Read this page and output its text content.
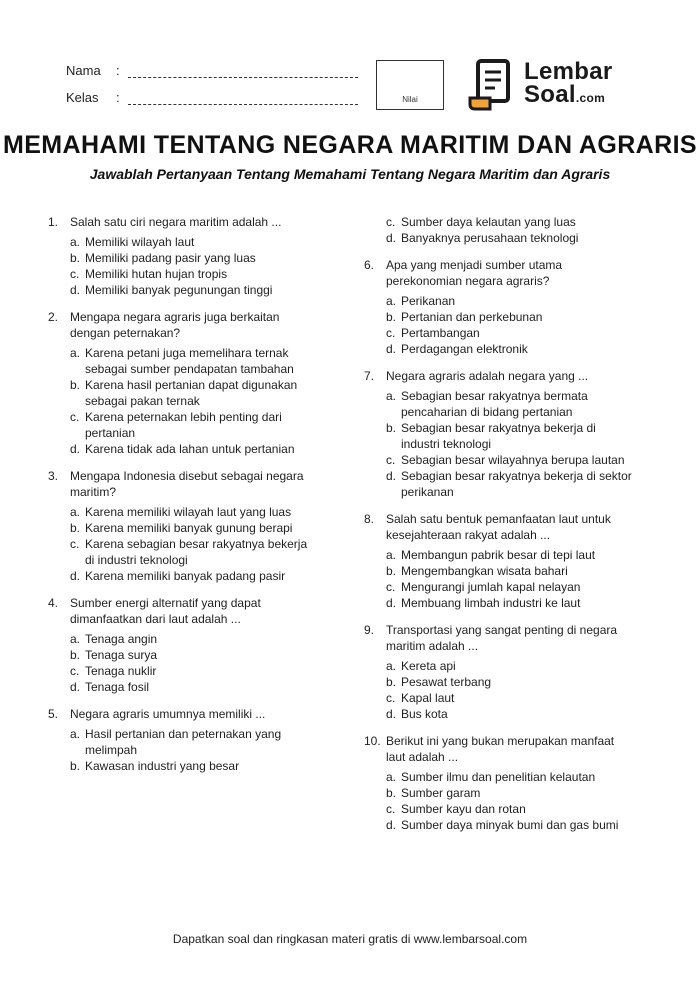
Nama :
Kelas :	Nilai
Lembar
Soal.com
MEMAHAMI TENTANG NEGARA MARITIM DAN AGRARIS
Jawablah Pertanyaan Tentang Memahami Tentang Negara Maritim dan Agraris
1. Salah satu ciri negara maritim adalah ...
a. Memiliki wilayah laut
b. Memiliki padang pasir yang luas
c. Memiliki hutan hujan tropis
d. Memiliki banyak pegunungan tinggi
2. Mengapa negara agraris juga berkaitan dengan peternakan?
a. Karena petani juga memelihara ternak sebagai sumber pendapatan tambahan
b. Karena hasil pertanian dapat digunakan sebagai pakan ternak
c. Karena peternakan lebih penting dari pertanian
d. Karena tidak ada lahan untuk pertanian
3. Mengapa Indonesia disebut sebagai negara maritim?
a. Karena memiliki wilayah laut yang luas
b. Karena memiliki banyak gunung berapi
c. Karena sebagian besar rakyatnya bekerja di industri teknologi
d. Karena memiliki banyak padang pasir
4. Sumber energi alternatif yang dapat dimanfaatkan dari laut adalah ...
a. Tenaga angin
b. Tenaga surya
c. Tenaga nuklir
d. Tenaga fosil
5. Negara agraris umumnya memiliki ...
a. Hasil pertanian dan peternakan yang melimpah
b. Kawasan industri yang besar
c. Sumber daya kelautan yang luas
d. Banyaknya perusahaan teknologi
6. Apa yang menjadi sumber utama perekonomian negara agraris?
a. Perikanan
b. Pertanian dan perkebunan
c. Pertambangan
d. Perdagangan elektronik
7. Negara agraris adalah negara yang ...
a. Sebagian besar rakyatnya bermata pencaharian di bidang pertanian
b. Sebagian besar rakyatnya bekerja di industri teknologi
c. Sebagian besar wilayahnya berupa lautan
d. Sebagian besar rakyatnya bekerja di sektor perikanan
8. Salah satu bentuk pemanfaatan laut untuk kesejahteraan rakyat adalah ...
a. Membangun pabrik besar di tepi laut
b. Mengembangkan wisata bahari
c. Mengurangi jumlah kapal nelayan
d. Membuang limbah industri ke laut
9. Transportasi yang sangat penting di negara maritim adalah ...
a. Kereta api
b. Pesawat terbang
c. Kapal laut
d. Bus kota
10. Berikut ini yang bukan merupakan manfaat laut adalah ...
a. Sumber ilmu dan penelitian kelautan
b. Sumber garam
c. Sumber kayu dan rotan
d. Sumber daya minyak bumi dan gas bumi
Dapatkan soal dan ringkasan materi gratis di www.lembarsoal.com
